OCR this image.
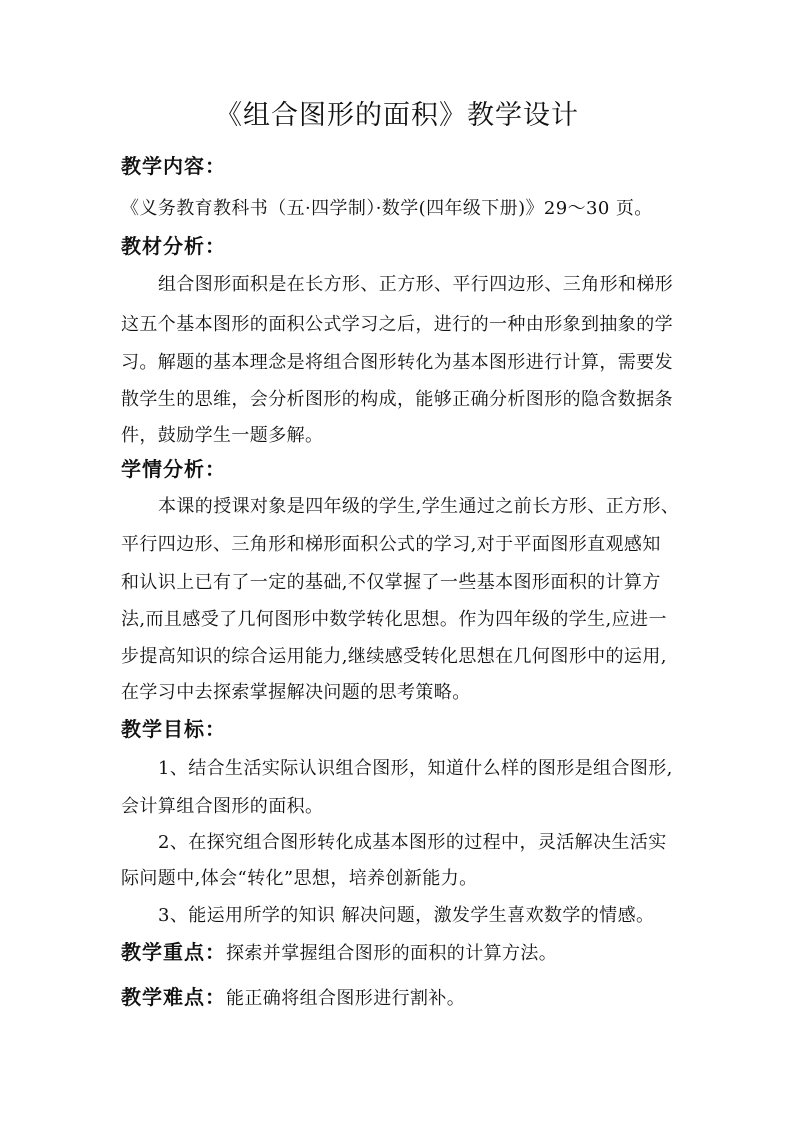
《组合图形的面积》教学设计
教学内容：
《义务教育教科书（五·四学制）·数学(四年级下册)》29～30 页。
教材分析：
组合图形面积是在长方形、正方形、平行四边形、三角形和梯形
这五个基本图形的面积公式学习之后，进行的一种由形象到抽象的学
习。解题的基本理念是将组合图形转化为基本图形进行计算，需要发
散学生的思维，会分析图形的构成，能够正确分析图形的隐含数据条
件，鼓励学生一题多解。
学情分析：
本课的授课对象是四年级的学生,学生通过之前长方形、正方形、
平行四边形、三角形和梯形面积公式的学习,对于平面图形直观感知
和认识上已有了一定的基础,不仅掌握了一些基本图形面积的计算方
法,而且感受了几何图形中数学转化思想。作为四年级的学生,应进一
步提高知识的综合运用能力,继续感受转化思想在几何图形中的运用,
在学习中去探索掌握解决问题的思考策略。
教学目标：
1、结合生活实际认识组合图形，知道什么样的图形是组合图形,
会计算组合图形的面积。
2、在探究组合图形转化成基本图形的过程中，灵活解决生活实
际问题中,体会“转化”思想，培养创新能力。
3、能运用所学的知识 解决问题，激发学生喜欢数学的情感。
教学重点：探索并掌握组合图形的面积的计算方法。
教学难点：能正确将组合图形进行割补。
